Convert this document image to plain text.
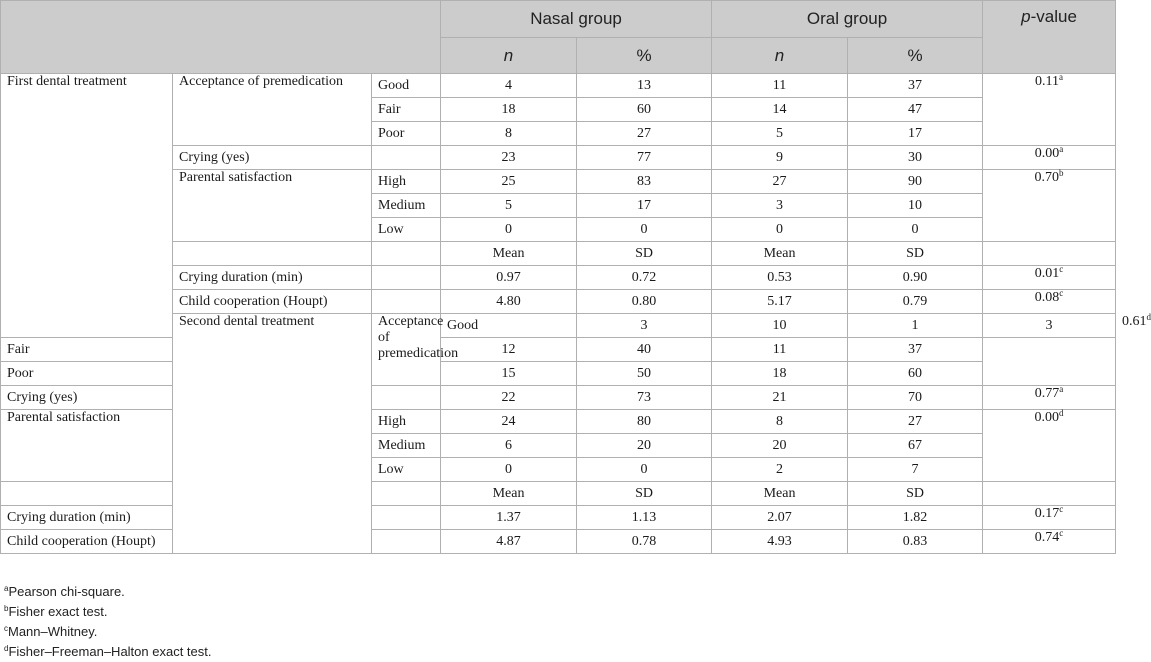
			Nasal group		Oral group		p-value	
			n	%	n	%		
First dental treatment	Acceptance of premedication	Good	4	13	11	37	0.11$^a$
		Fair	18	60	14	47		
		Poor	8	27	5	17		
	Crying (yes)		23	77	9	30	0.00$^a$
	Parental satisfaction	High	25	83	27	90	0.70$^b$
		Medium	5	17	3	10		
		Low	0	0	0	0		
			Mean	SD	Mean	SD		
	Crying duration (min)		0.97	0.72	0.53	0.90	0.01$^c$
	Child cooperation (Houpt)		4.80	0.80	5.17	0.79	0.08$^c$
	Second dental treatment	Acceptance of premedication	Good	3	10	1	3	0.61$^d$
Fair			12	40	11	37		
Poor			15	50	18	60		
Crying (yes)			22	73	21	70	0.77$^a$
Parental satisfaction		High	24	80	8	27	0.00$^d$
		Medium	6	20	20	67		
		Low	0	0	2	7		
			Mean	SD	Mean	SD		
Crying duration (min)			1.37	1.13	2.07	1.82	0.17$^c$
Child cooperation (Houpt)			4.87	0.78	4.93	0.83	0.74$^c$
$^a$Pearson chi-square.
$^b$Fisher exact test.
$^c$Mann–Whitney.
$^d$Fisher–Freeman–Halton exact test.
